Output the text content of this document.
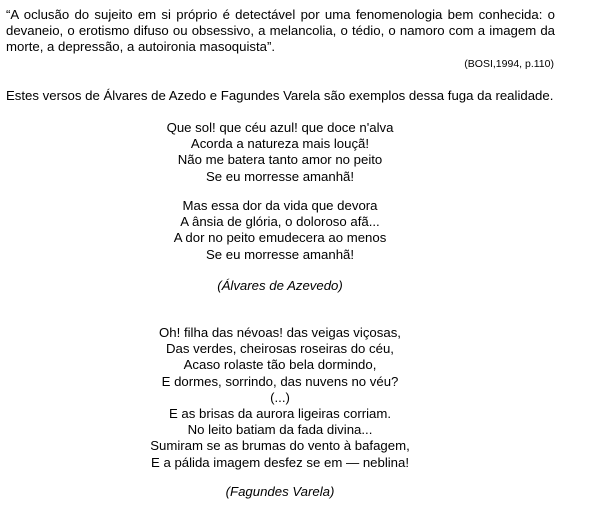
“A oclusão do sujeito em si próprio é detectável por uma fenomenologia bem conhecida: o devaneio, o erotismo difuso ou obsessivo, a melancolia, o tédio, o namoro com a imagem da morte, a depressão, a autoironia masoquista”.

(BOSI,1994, p.110)

Estes versos de Álvares de Azedo e Fagundes Varela são exemplos dessa fuga da realidade.

Que sol! que céu azul! que doce n'alva
Acorda a natureza mais louçã!
Não me batera tanto amor no peito
Se eu morresse amanhã!
Mas essa dor da vida que devora
A ânsia de glória, o doloroso afã...
A dor no peito emudecera ao menos
Se eu morresse amanhã!

(Álvares de Azevedo)

Oh! filha das névoas! das veigas viçosas,
Das verdes, cheirosas roseiras do céu,
Acaso rolaste tão bela dormindo,
E dormes, sorrindo, das nuvens no véu?
(...)
E as brisas da aurora ligeiras corriam.
No leito batiam da fada divina...
Sumiram se as brumas do vento à bafagem,
E a pálida imagem desfez se em — neblina!

(Fagundes Varela)
